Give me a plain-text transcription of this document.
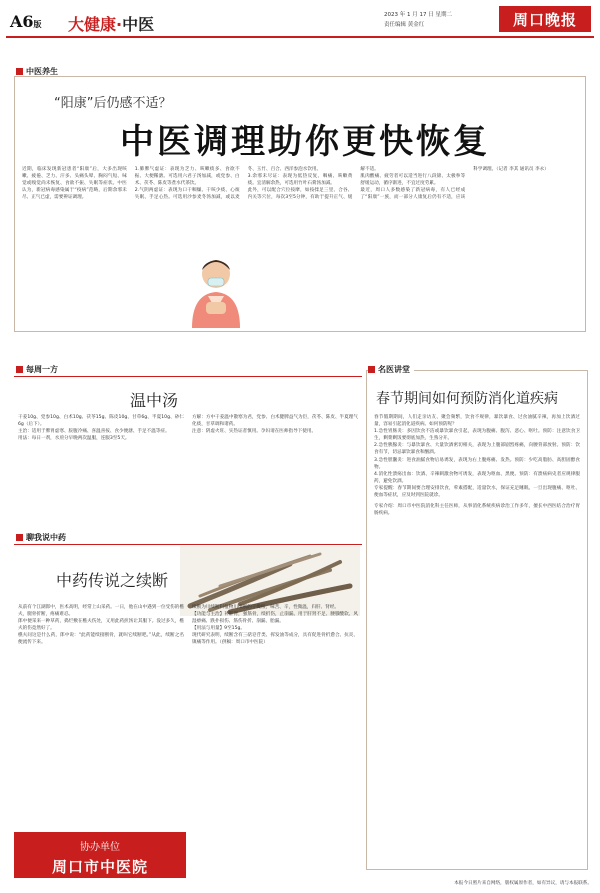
A6版 大健康·中医	2023 年 1 月 17 日 星期二
责任编辑 黄金红	周口晚报
中医养生
“阳康”后仍感不适？
中医调理助你更快恢复

近期，临床发现新冠患者“阳康”后，大多出现咳嗽、疲倦、乏力、汗多、头痛头晕、胸闷气短、味觉或嗅觉尚未恢复、食欲不振、失眠等症状。中医认为，新冠病毒感染属于“疫病”范畴，后期余邪未尽、正气已虚，需要辨证调理。

1.肺脾气虚证：表现为乏力、咳嗽痰多、食欲不振、大便稀溏。可选用六君子汤加减，或党参、白术、茯苓、陈皮等煮水代茶饮。

2.气阴两虚证：表现为口干咽燥、干咳少痰、心烦失眠、手足心热。可选用沙参麦冬汤加减，或以麦冬、玉竹、百合、西洋参泡水饮用。

3.余邪未尽证：表现为低热反复、咽痛、咳嗽黄痰。宜清解余热，可选用竹叶石膏汤加减。

此外，可以配合穴位按摩，如按揉足三里、合谷、内关等穴位，每次3至5分钟，有助于提升正气、缓解不适。

肌肉酸痛、疲劳者可以适当进行八段锦、太极拳等舒缓运动，循序渐进，不宜过度劳累。

最近，周口人多数感染了新冠病毒，有人已经成了“阳康”一族，而一部分人康复后仍有不适，应该科学调理。（记者 李其 通讯员 李永）

每周一方
温中汤

干姜10g、党参10g、白术10g、茯苓15g、陈皮10g、甘草6g、半夏10g、砂仁6g（后下）。

主治：适用于脾胃虚寒、脘腹冷痛、喜温喜按、食少便溏、手足不温等症。

用法：每日一剂，水煎分早晚两次温服，连服3至5天。

方解：方中干姜温中散寒为君，党参、白术健脾益气为臣，茯苓、陈皮、半夏理气化痰，甘草调和诸药。

注意：阴虚火旺、实热证者慎用。孕妇请在医师指导下使用。

聊我说中药
中药传说之续断

从前有个江湖郎中，医术高明，经常上山采药。一日，他在山中遇到一位受伤的樵夫，腿骨折断，疼痛难忍。

郎中便采来一种草药，捣烂敷在樵夫伤处，又用此药煎汤让其服下。没过多久，樵夫的伤竟然好了。

樵夫问这是什么药，郎中说：“此药能续接断骨，就叫它续断吧。”从此，续断之名便流传下来。

续断为川续断科植物川续断的干燥根，味苦、辛，性微温，归肝、肾经。

【功能与主治】补肝肾，强筋骨，续折伤，止崩漏。用于肝肾不足、腰膝酸软、风湿痹痛、跌扑损伤、筋伤骨折、崩漏、胎漏。

【用法与用量】9至15g。

现代研究表明，续断含有三萜皂苷类、挥发油等成分，具有促进骨折愈合、抗炎、镇痛等作用。（供稿：周口市中医院）

协办单位
周口市中医院
名医讲堂
春节期间如何预防消化道疾病

春节假期期间，人们走亲访友、聚会频繁，饮食不规律，暴饮暴食、过食油腻辛辣，再加上饮酒过量，容易引起消化道疾病。如何预防呢？

1.急性胃肠炎：多因饮食不洁或暴饮暴食引起，表现为腹痛、腹泻、恶心、呕吐。预防：注意饮食卫生，剩菜剩饭要彻底加热，生熟分开。

2.急性胰腺炎：与暴饮暴食、大量饮酒密切相关，表现为上腹部剧烈疼痛，向腰背部放射。预防：饮食有节，切忌暴饮暴食和酗酒。

3.急性胆囊炎：进食油腻食物后易诱发，表现为右上腹疼痛、发热。预防：少吃高脂肪、高胆固醇食物。

4.消化性溃疡出血：饮酒、辛辣刺激食物可诱发，表现为呕血、黑便。预防：有溃疡病史者应规律服药，避免饮酒。

专家提醒：春节期间要合理安排饮食，荤素搭配，适量饮水，保证充足睡眠。一旦出现腹痛、呕吐、便血等症状，应及时到医院就诊。

专家介绍：周口市中医院消化科主任医师，从事消化系统疾病诊治工作多年，擅长中西医结合治疗胃肠疾病。

本报今日照片来自网络，版权属原作者，如有异议，请与本报联系。
